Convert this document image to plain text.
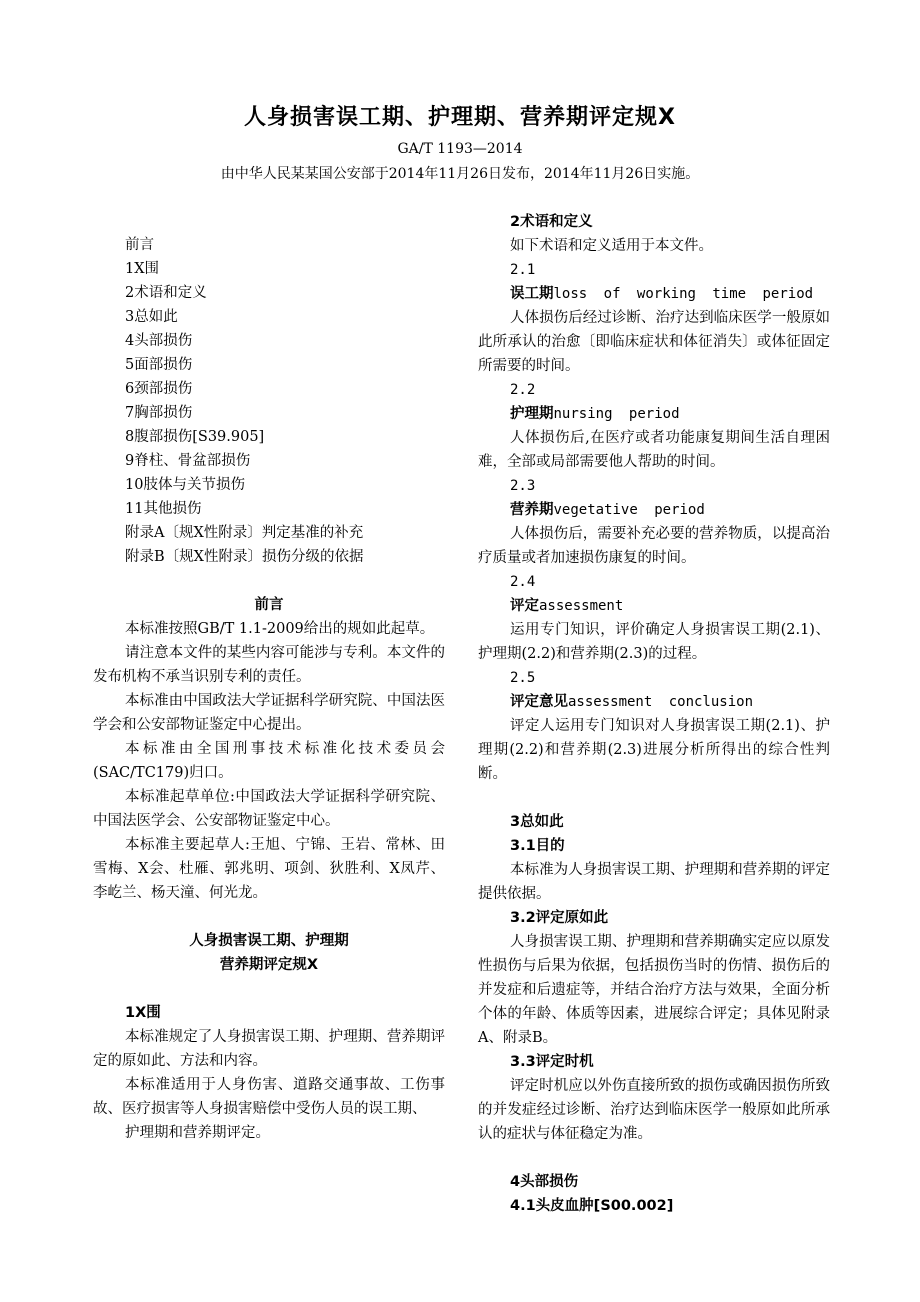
人身损害误工期、护理期、营养期评定规X
GA/T 1193—2014
由中华人民某某国公安部于2014年11月26日发布，2014年11月26日实施。
前言
1X围
2术语和定义
3总如此
4头部损伤
5面部损伤
6颈部损伤
7胸部损伤
8腹部损伤[S39.905]
9脊柱、骨盆部损伤
10肢体与关节损伤
11其他损伤
附录A〔规X性附录〕判定基准的补充
附录B〔规X性附录〕损伤分级的依据
前言
本标准按照GB/T 1.1-2009给出的规如此起草。
请注意本文件的某些内容可能涉与专利。本文件的发布机构不承当识别专利的责任。
本标准由中国政法大学证据科学研究院、中国法医学会和公安部物证鉴定中心提出。
本标准由全国刑事技术标准化技术委员会(SAC/TC179)归口。
本标准起草单位:中国政法大学证据科学研究院、中国法医学会、公安部物证鉴定中心。
本标准主要起草人:王旭、宁锦、王岩、常林、田雪梅、X会、杜雁、郭兆明、项剑、狄胜利、X凤芹、李屹兰、杨天潼、何光龙。
人身损害误工期、护理期
营养期评定规X
1X围
本标准规定了人身损害误工期、护理期、营养期评定的原如此、方法和内容。
本标准适用于人身伤害、道路交通事故、工伤事故、医疗损害等人身损害赔偿中受伤人员的误工期、
护理期和营养期评定。
2术语和定义
如下术语和定义适用于本文件。
2.1
误工期loss of working time period
人体损伤后经过诊断、治疗达到临床医学一般原如此所承认的治愈〔即临床症状和体征消失〕或体征固定所需要的时间。
2.2
护理期nursing period
人体损伤后,在医疗或者功能康复期间生活自理困难，全部或局部需要他人帮助的时间。
2.3
营养期vegetative period
人体损伤后，需要补充必要的营养物质，以提高治疗质量或者加速损伤康复的时间。
2.4
评定assessment
运用专门知识，评价确定人身损害误工期(2.1)、护理期(2.2)和营养期(2.3)的过程。
2.5
评定意见assessment conclusion
评定人运用专门知识对人身损害误工期(2.1)、护理期(2.2)和营养期(2.3)进展分析所得出的综合性判断。
3总如此
3.1目的
本标准为人身损害误工期、护理期和营养期的评定提供依据。
3.2评定原如此
人身损害误工期、护理期和营养期确实定应以原发性损伤与后果为依据，包括损伤当时的伤情、损伤后的并发症和后遗症等，并结合治疗方法与效果，全面分析个体的年龄、体质等因素，进展综合评定；具体见附录A、附录B。
3.3评定时机
评定时机应以外伤直接所致的损伤或确因损伤所致的并发症经过诊断、治疗达到临床医学一般原如此所承认的症状与体征稳定为准。
4头部损伤
4.1头皮血肿[S00.002]
